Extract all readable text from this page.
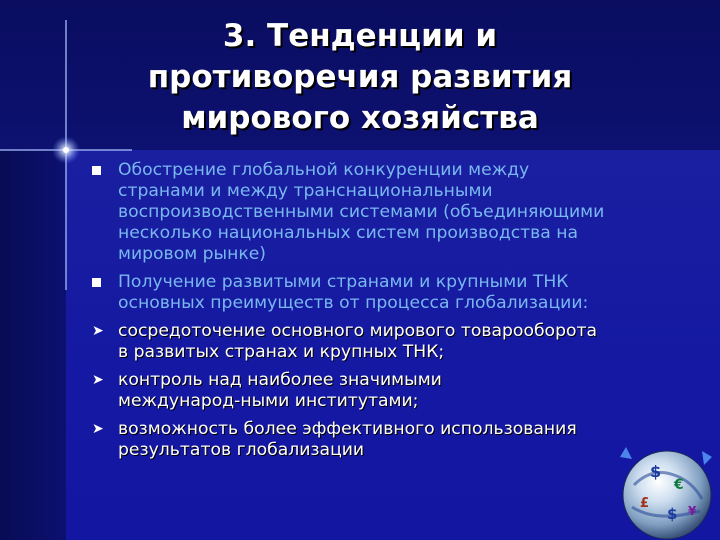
3. Тенденции и
противоречия развития
мирового хозяйства
Обострение глобальной конкуренции между
странами и между транснациональными
воспроизводственными системами (объединяющими
несколько национальных систем производства на
мировом рынке)
Получение развитыми странами и крупными ТНК
основных преимуществ от процесса глобализации:
➤ сосредоточение основного мирового товарооборота
в развитых странах и крупных ТНК;
➤ контроль над наиболее значимыми
международ-ными институтами;
➤ возможность более эффективного использования
результатов глобализации
$
€
£
$ ¥
